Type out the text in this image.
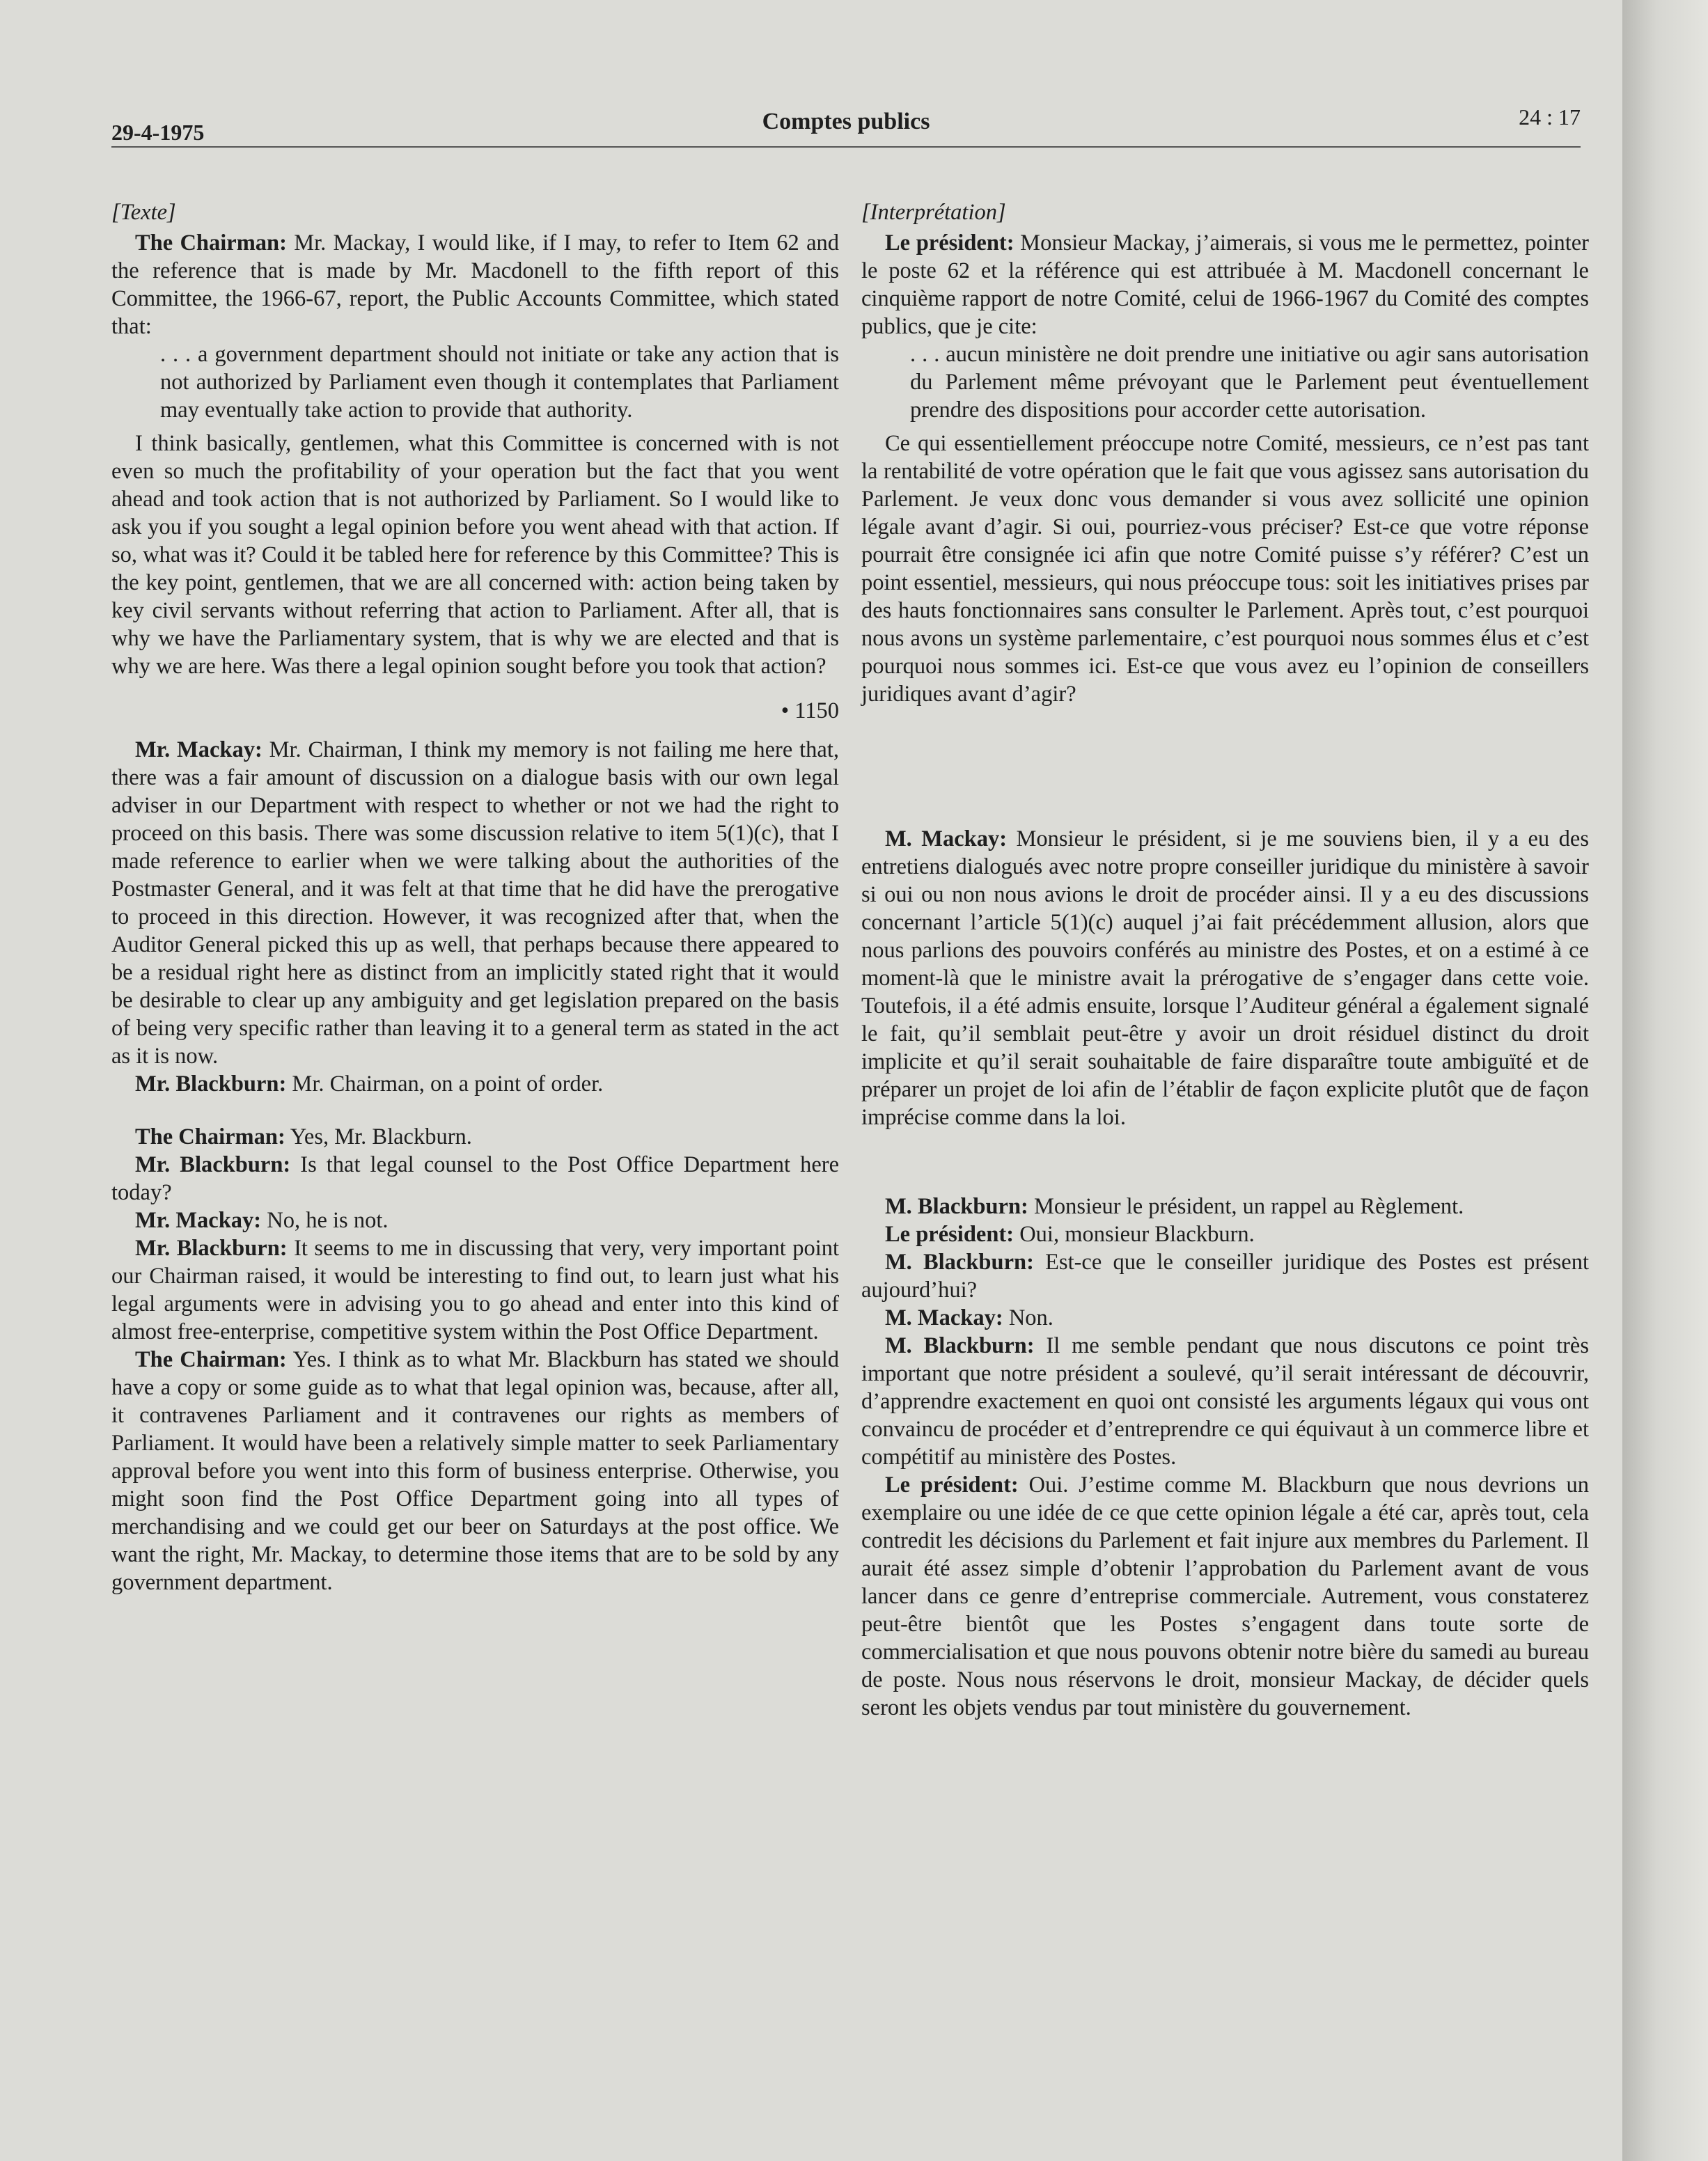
29-4-1975	Comptes publics	24 : 17
[Texte]

The Chairman: Mr. Mackay, I would like, if I may, to refer to Item 62 and the reference that is made by Mr. Macdonell to the fifth report of this Committee, the 1966-67, report, the Public Accounts Committee, which stated that:

. . . a government department should not initiate or take any action that is not authorized by Parliament even though it contemplates that Parliament may eventually take action to provide that authority.

I think basically, gentlemen, what this Committee is concerned with is not even so much the profitability of your operation but the fact that you went ahead and took action that is not authorized by Parliament. So I would like to ask you if you sought a legal opinion before you went ahead with that action. If so, what was it? Could it be tabled here for reference by this Committee? This is the key point, gentlemen, that we are all concerned with: action being taken by key civil servants without referring that action to Parliament. After all, that is why we have the Parliamentary system, that is why we are elected and that is why we are here. Was there a legal opinion sought before you took that action?

• 1150

Mr. Mackay: Mr. Chairman, I think my memory is not failing me here that, there was a fair amount of discussion on a dialogue basis with our own legal adviser in our Department with respect to whether or not we had the right to proceed on this basis. There was some discussion relative to item 5(1)(c), that I made reference to earlier when we were talking about the authorities of the Postmaster General, and it was felt at that time that he did have the prerogative to proceed in this direction. However, it was recognized after that, when the Auditor General picked this up as well, that perhaps because there appeared to be a residual right here as distinct from an implicitly stated right that it would be desirable to clear up any ambiguity and get legislation prepared on the basis of being very specific rather than leaving it to a general term as stated in the act as it is now.

Mr. Blackburn: Mr. Chairman, on a point of order.

The Chairman: Yes, Mr. Blackburn.

Mr. Blackburn: Is that legal counsel to the Post Office Department here today?

Mr. Mackay: No, he is not.

Mr. Blackburn: It seems to me in discussing that very, very important point our Chairman raised, it would be interesting to find out, to learn just what his legal arguments were in advising you to go ahead and enter into this kind of almost free-enterprise, competitive system within the Post Office Department.

The Chairman: Yes. I think as to what Mr. Blackburn has stated we should have a copy or some guide as to what that legal opinion was, because, after all, it contravenes Parliament and it contravenes our rights as members of Parliament. It would have been a relatively simple matter to seek Parliamentary approval before you went into this form of business enterprise. Otherwise, you might soon find the Post Office Department going into all types of merchandising and we could get our beer on Saturdays at the post office. We want the right, Mr. Mackay, to determine those items that are to be sold by any government department.

[Interprétation]

Le président: Monsieur Mackay, j’aimerais, si vous me le permettez, pointer le poste 62 et la référence qui est attribuée à M. Macdonell concernant le cinquième rapport de notre Comité, celui de 1966-1967 du Comité des comptes publics, que je cite:

. . . aucun ministère ne doit prendre une initiative ou agir sans autorisation du Parlement même prévoyant que le Parlement peut éventuellement prendre des dispositions pour accorder cette autorisation.

Ce qui essentiellement préoccupe notre Comité, messieurs, ce n’est pas tant la rentabilité de votre opération que le fait que vous agissez sans autorisation du Parlement. Je veux donc vous demander si vous avez sollicité une opinion légale avant d’agir. Si oui, pourriez-vous préciser? Est-ce que votre réponse pourrait être consignée ici afin que notre Comité puisse s’y référer? C’est un point essentiel, messieurs, qui nous préoccupe tous: soit les initiatives prises par des hauts fonctionnaires sans consulter le Parlement. Après tout, c’est pourquoi nous avons un système parlementaire, c’est pourquoi nous sommes élus et c’est pourquoi nous sommes ici. Est-ce que vous avez eu l’opinion de conseillers juridiques avant d’agir?

M. Mackay: Monsieur le président, si je me souviens bien, il y a eu des entretiens dialogués avec notre propre conseiller juridique du ministère à savoir si oui ou non nous avions le droit de procéder ainsi. Il y a eu des discussions concernant l’article 5(1)(c) auquel j’ai fait précédemment allusion, alors que nous parlions des pouvoirs conférés au ministre des Postes, et on a estimé à ce moment-là que le ministre avait la prérogative de s’engager dans cette voie. Toutefois, il a été admis ensuite, lorsque l’Auditeur général a également signalé le fait, qu’il semblait peut-être y avoir un droit résiduel distinct du droit implicite et qu’il serait souhaitable de faire disparaître toute ambiguïté et de préparer un projet de loi afin de l’établir de façon explicite plutôt que de façon imprécise comme dans la loi.

M. Blackburn: Monsieur le président, un rappel au Règlement.

Le président: Oui, monsieur Blackburn.

M. Blackburn: Est-ce que le conseiller juridique des Postes est présent aujourd’hui?

M. Mackay: Non.

M. Blackburn: Il me semble pendant que nous discutons ce point très important que notre président a soulevé, qu’il serait intéressant de découvrir, d’apprendre exactement en quoi ont consisté les arguments légaux qui vous ont convaincu de procéder et d’entreprendre ce qui équivaut à un commerce libre et compétitif au ministère des Postes.

Le président: Oui. J’estime comme M. Blackburn que nous devrions un exemplaire ou une idée de ce que cette opinion légale a été car, après tout, cela contredit les décisions du Parlement et fait injure aux membres du Parlement. Il aurait été assez simple d’obtenir l’approbation du Parlement avant de vous lancer dans ce genre d’entreprise commerciale. Autrement, vous constaterez peut-être bientôt que les Postes s’engagent dans toute sorte de commercialisation et que nous pouvons obtenir notre bière du samedi au bureau de poste. Nous nous réservons le droit, monsieur Mackay, de décider quels seront les objets vendus par tout ministère du gouvernement.
